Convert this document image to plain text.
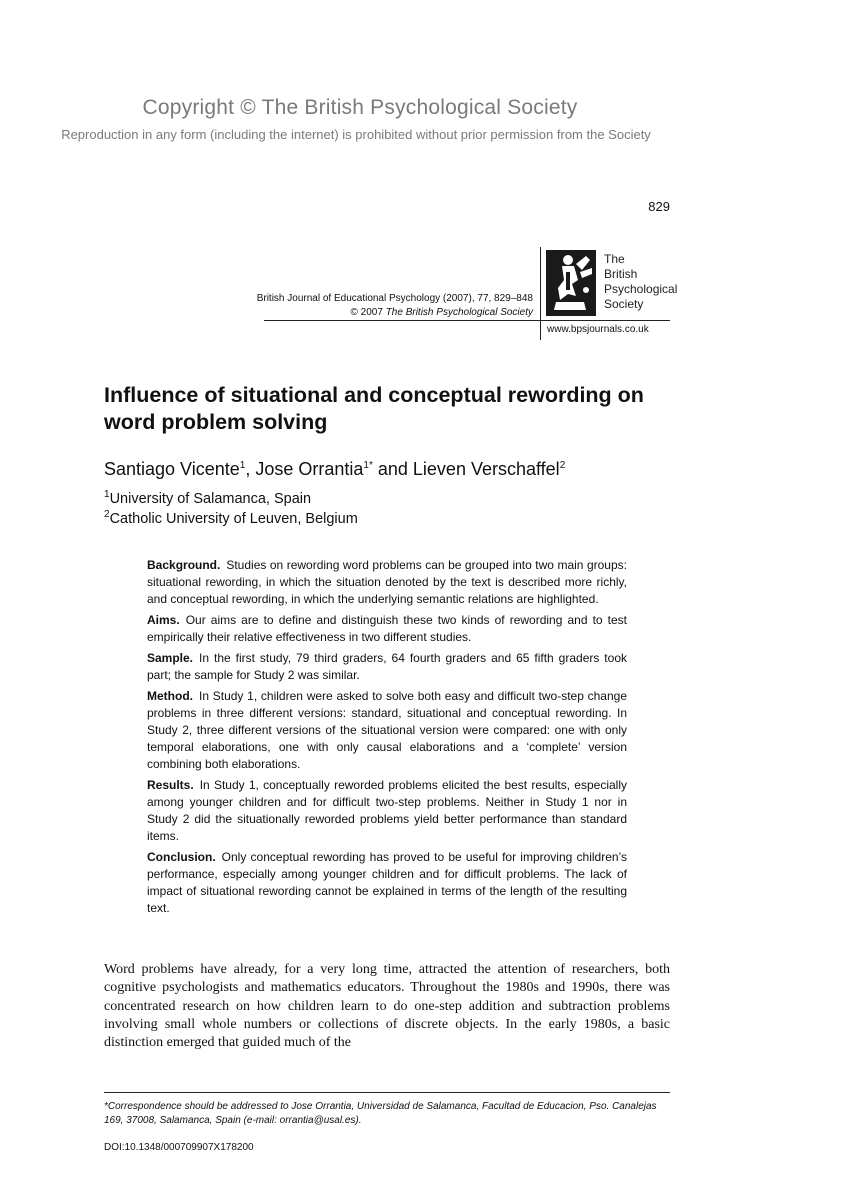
Copyright © The British Psychological Society
Reproduction in any form (including the internet) is prohibited without prior permission from the Society
829
British Journal of Educational Psychology (2007), 77, 829–848
© 2007 The British Psychological Society
The
British
Psychological
Society
www.bpsjournals.co.uk
Influence of situational and conceptual rewording on word problem solving
Santiago Vicente$^1$, Jose Orrantia$^{1*}$ and Lieven Verschaffel$^2$
$^1$University of Salamanca, Spain
$^2$Catholic University of Leuven, Belgium

Background. Studies on rewording word problems can be grouped into two main groups: situational rewording, in which the situation denoted by the text is described more richly, and conceptual rewording, in which the underlying semantic relations are highlighted.

Aims. Our aims are to define and distinguish these two kinds of rewording and to test empirically their relative effectiveness in two different studies.

Sample. In the first study, 79 third graders, 64 fourth graders and 65 fifth graders took part; the sample for Study 2 was similar.

Method. In Study 1, children were asked to solve both easy and difficult two-step change problems in three different versions: standard, situational and conceptual rewording. In Study 2, three different versions of the situational version were compared: one with only temporal elaborations, one with only causal elaborations and a ‘complete’ version combining both elaborations.

Results. In Study 1, conceptually reworded problems elicited the best results, especially among younger children and for difficult two-step problems. Neither in Study 1 nor in Study 2 did the situationally reworded problems yield better performance than standard items.

Conclusion. Only conceptual rewording has proved to be useful for improving children’s performance, especially among younger children and for difficult problems. The lack of impact of situational rewording cannot be explained in terms of the length of the resulting text.

Word problems have already, for a very long time, attracted the attention of researchers, both cognitive psychologists and mathematics educators. Throughout the 1980s and 1990s, there was concentrated research on how children learn to do one-step addition and subtraction problems involving small whole numbers or collections of discrete objects. In the early 1980s, a basic distinction emerged that guided much of the
*Correspondence should be addressed to Jose Orrantia, Universidad de Salamanca, Facultad de Educacion, Pso. Canalejas 169, 37008, Salamanca, Spain (e-mail: orrantia@usal.es).
DOI:10.1348/000709907X178200
